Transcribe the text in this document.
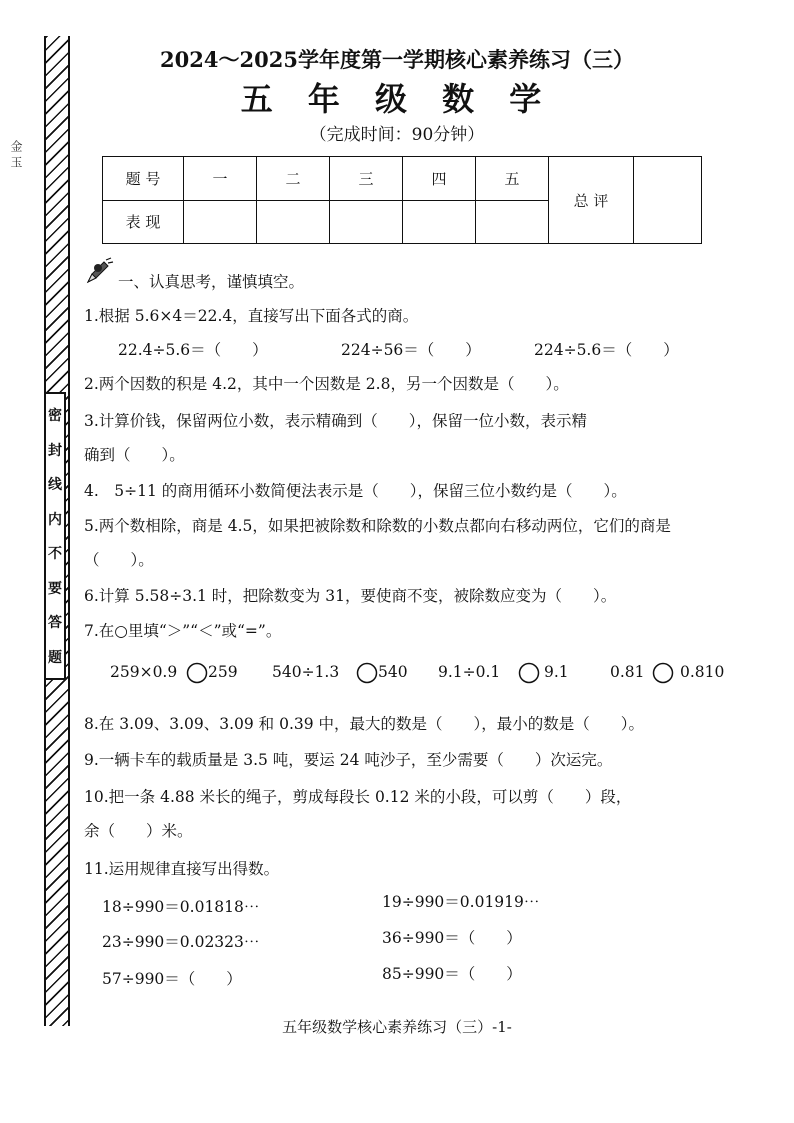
密
封
线
内
不
要
答
题
金 玉
2024～2025学年度第一学期核心素养练习（三）
五 年 级 数 学
（完成时间：90分钟）
题 号	一	二	三	四	五	总 评	
表 现							
一、认真思考，谨慎填空。
1.根据 5.6×4＝22.4，直接写出下面各式的商。
22.4÷5.6＝（　　）	224÷56＝（　　）	224÷5.6＝（　　）
2.两个因数的积是 4.2，其中一个因数是 2.8，另一个因数是（　　）。
3.计算价钱，保留两位小数，表示精确到（　　），保留一位小数，表示精
确到（　　）。
4.　5÷11 的商用循环小数简便法表示是（　　），保留三位小数约是（　　）。
5.两个数相除，商是 4.5，如果把被除数和除数的小数点都向右移动两位，它们的商是
（　　）。
6.计算 5.58÷3.1 时，把除数变为 31，要使商不变，被除数应变为（　　）。
7.在○里填“＞”“＜”或“=”。
259×0.9 259 540÷1.3	540 9.1÷0.1	9.1	0.81 0.810
8.在 3.09、3.09、3.09 和 0.39 中，最大的数是（　　），最小的数是（　　）。
9.一辆卡车的载质量是 3.5 吨，要运 24 吨沙子，至少需要（　　）次运完。
10.把一条 4.88 米长的绳子，剪成每段长 0.12 米的小段，可以剪（　　）段，
余（　　）米。
11.运用规律直接写出得数。
18÷990＝0.01818⋯	19÷990＝0.01919⋯
23÷990＝0.02323⋯	36÷990＝（　　）
57÷990＝（　　）	85÷990＝（　　）
五年级数学核心素养练习（三）-1-
